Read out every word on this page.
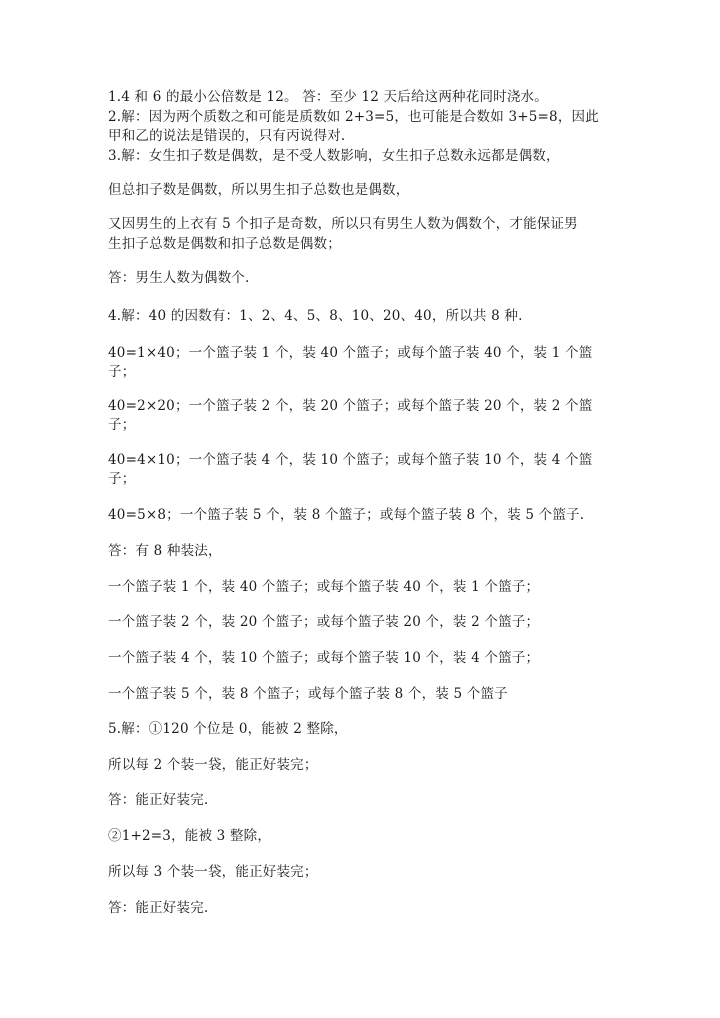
1.4 和 6 的最小公倍数是 12。 答：至少 12 天后给这两种花同时浇水。
2.解：因为两个质数之和可能是质数如 2+3=5，也可能是合数如 3+5=8，因此
甲和乙的说法是错误的，只有丙说得对.
3.解：女生扣子数是偶数，是不受人数影响，女生扣子总数永远都是偶数，
但总扣子数是偶数，所以男生扣子总数也是偶数，
又因男生的上衣有 5 个扣子是奇数，所以只有男生人数为偶数个，才能保证男
生扣子总数是偶数和扣子总数是偶数；
答：男生人数为偶数个.
4.解：40 的因数有：1、2、4、5、8、10、20、40，所以共 8 种.
40=1×40；一个篮子装 1 个，装 40 个篮子；或每个篮子装 40 个，装 1 个篮
子；
40=2×20；一个篮子装 2 个，装 20 个篮子；或每个篮子装 20 个，装 2 个篮
子；
40=4×10；一个篮子装 4 个，装 10 个篮子；或每个篮子装 10 个，装 4 个篮
子；
40=5×8；一个篮子装 5 个，装 8 个篮子；或每个篮子装 8 个，装 5 个篮子.
答：有 8 种装法，
一个篮子装 1 个，装 40 个篮子；或每个篮子装 40 个，装 1 个篮子；
一个篮子装 2 个，装 20 个篮子；或每个篮子装 20 个，装 2 个篮子；
一个篮子装 4 个，装 10 个篮子；或每个篮子装 10 个，装 4 个篮子；
一个篮子装 5 个，装 8 个篮子；或每个篮子装 8 个，装 5 个篮子
5.解：①120 个位是 0，能被 2 整除，
所以每 2 个装一袋，能正好装完；
答：能正好装完.
②1+2=3，能被 3 整除，
所以每 3 个装一袋，能正好装完；
答：能正好装完.
